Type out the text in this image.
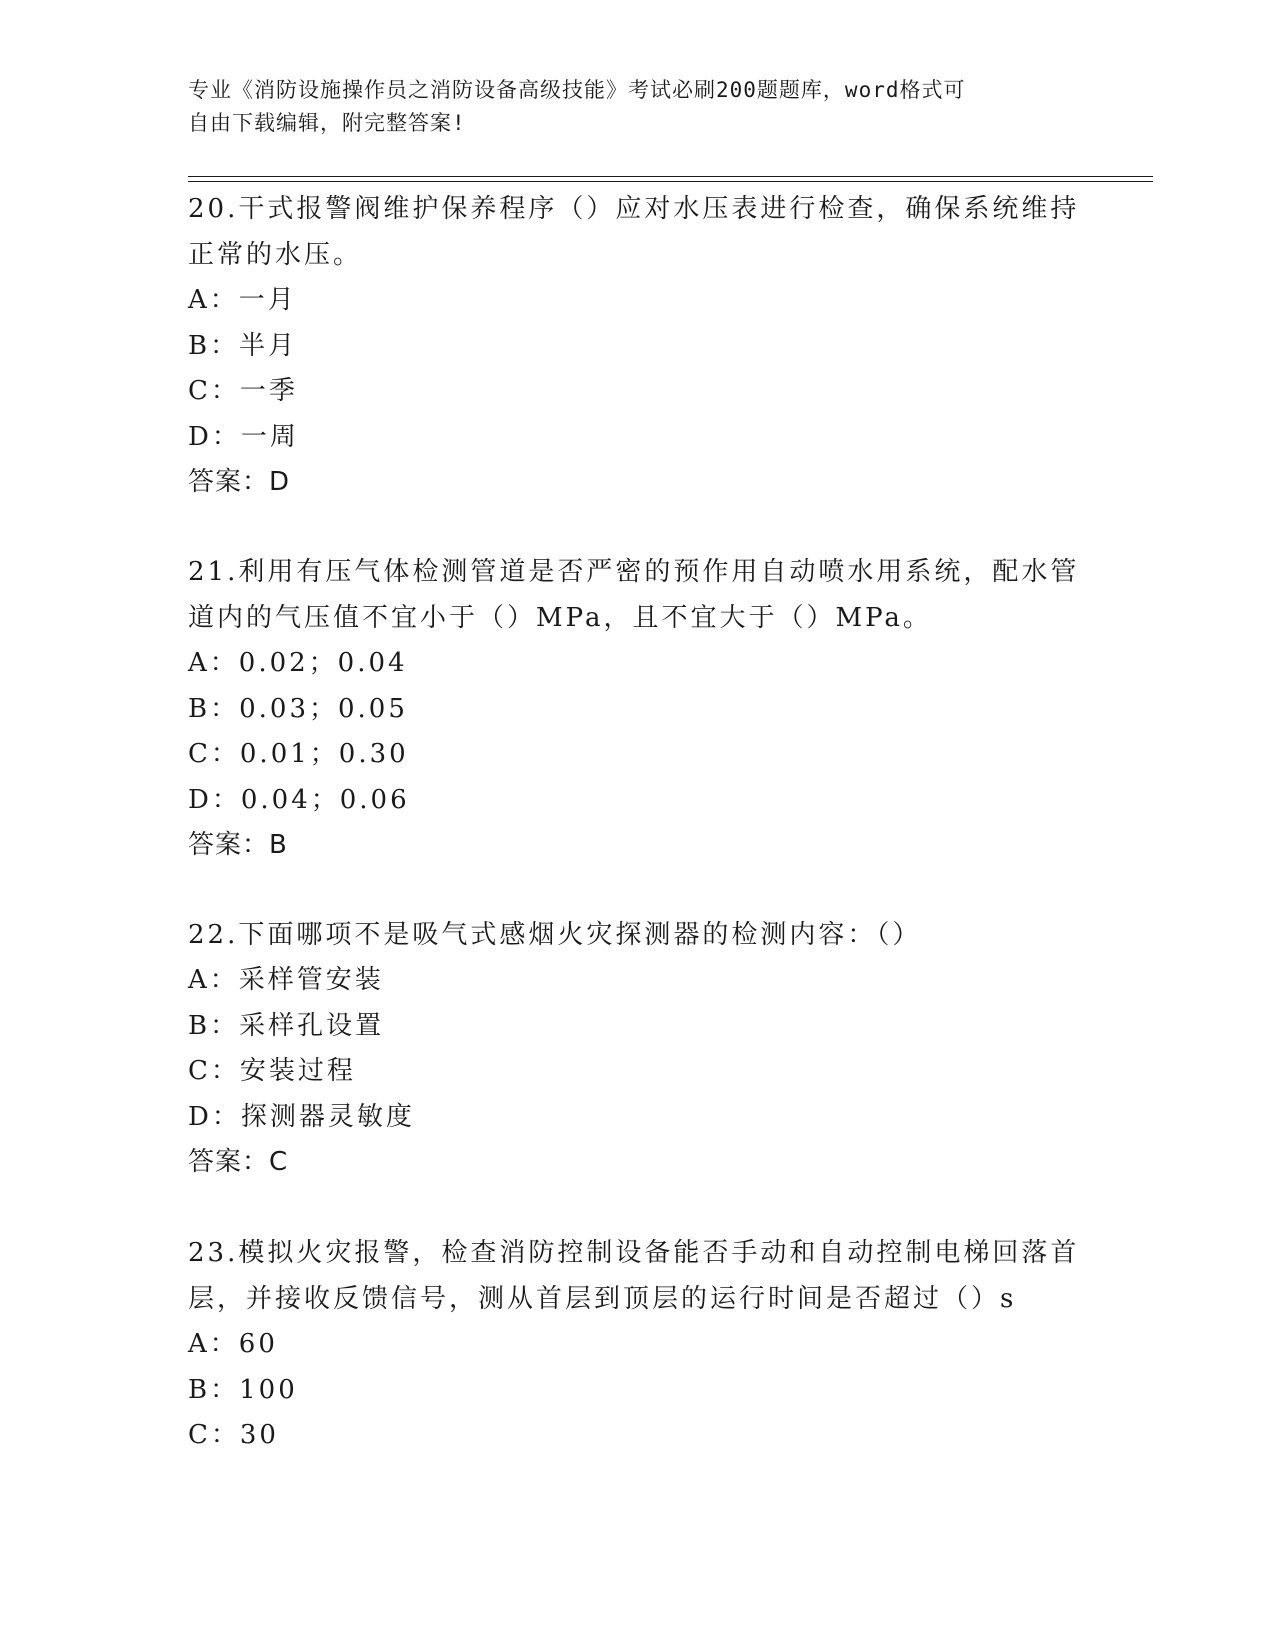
专业《消防设施操作员之消防设备高级技能》考试必刷200题题库，word格式可
自由下载编辑，附完整答案!
20.干式报警阀维护保养程序（）应对水压表进行检查，确保系统维持
正常的水压。
A：一月
B：半月
C：一季
D：一周
答案：D
21.利用有压气体检测管道是否严密的预作用自动喷水用系统，配水管
道内的气压值不宜小于（）MPa，且不宜大于（）MPa。
A：0.02；0.04
B：0.03；0.05
C：0.01；0.30
D：0.04；0.06
答案：B
22.下面哪项不是吸气式感烟火灾探测器的检测内容：（）
A：采样管安装
B：采样孔设置
C：安装过程
D：探测器灵敏度
答案：C
23.模拟火灾报警，检查消防控制设备能否手动和自动控制电梯回落首
层，并接收反馈信号，测从首层到顶层的运行时间是否超过（）s
A：60
B：100
C：30
